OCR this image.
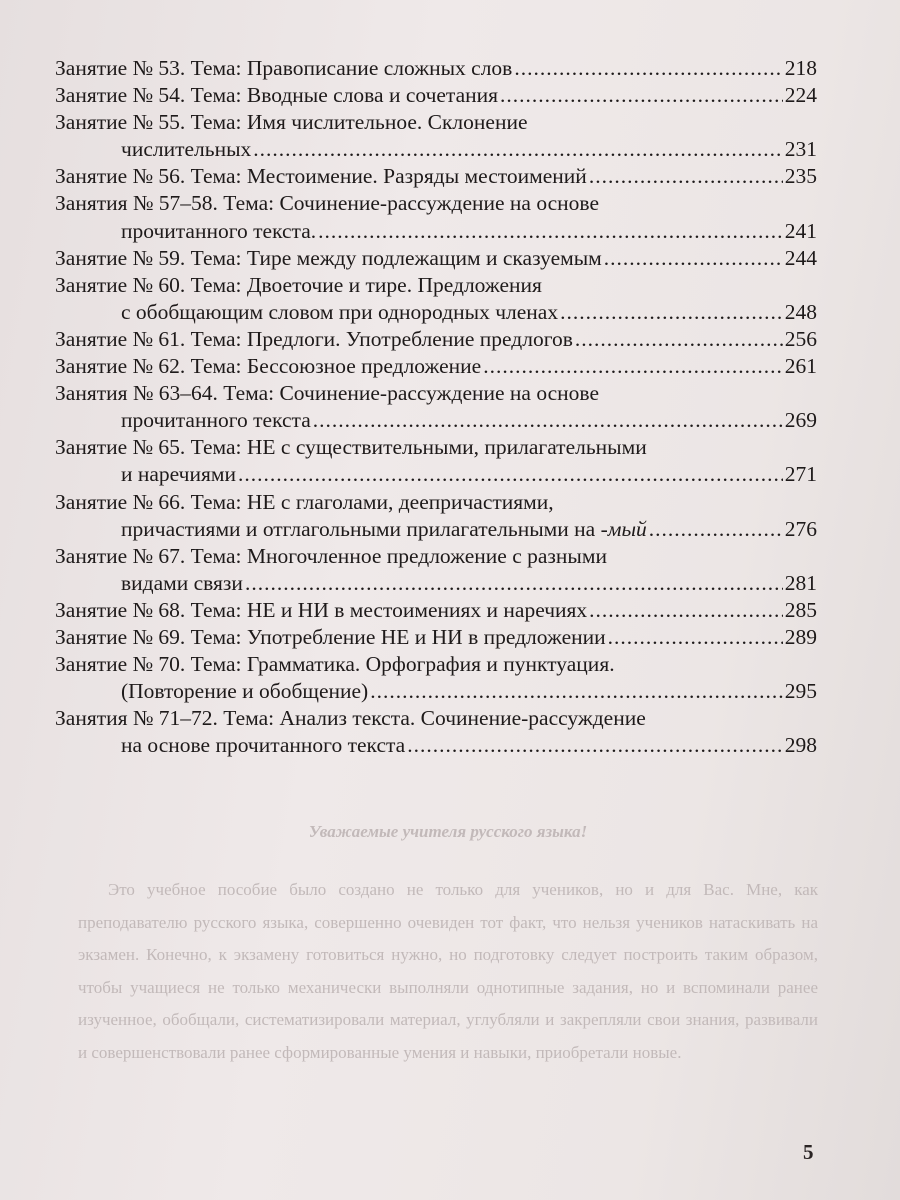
Занятие № 53. Тема: Правописание сложных слов .....	218
Занятие № 54. Тема: Вводные слова и сочетания .....	224
Занятие № 55. Тема: Имя числительное. Склонение
числительных .....	231
Занятие № 56. Тема: Местоимение. Разряды местоимений .....	235
Занятия № 57–58. Тема: Сочинение-рассуждение на основе
прочитанного текста. .....	241
Занятие № 59. Тема: Тире между подлежащим и сказуемым .....	244
Занятие № 60. Тема: Двоеточие и тире. Предложения
с обобщающим словом при однородных членах .....	248
Занятие № 61. Тема: Предлоги. Употребление предлогов .....	256
Занятие № 62. Тема: Бессоюзное предложение .....	261
Занятия № 63–64. Тема: Сочинение-рассуждение на основе
прочитанного текста .....	269
Занятие № 65. Тема: НЕ с существительными, прилагательными
и наречиями .....	271
Занятие № 66. Тема: НЕ с глаголами, деепричастиями,
причастиями и отглагольными прилагательными на -мый .....	276
Занятие № 67. Тема: Многочленное предложение с разными
видами связи .....	281
Занятие № 68. Тема: НЕ и НИ в местоимениях и наречиях .....	285
Занятие № 69. Тема: Употребление НЕ и НИ в предложении .....	289
Занятие № 70. Тема: Грамматика. Орфография и пунктуация.
(Повторение и обобщение) .....	295
Занятия № 71–72. Тема: Анализ текста. Сочинение-рассуждение
на основе прочитанного текста .....	298
Уважаемые учителя русского языка!
Это учебное пособие было создано не только для учеников, но и для Вас. Мне, как преподавателю русского языка, совершенно очевиден тот факт, что нельзя учеников натаскивать на экзамен. Конечно, к экзамену готовиться нужно, но подготовку следует построить таким образом, чтобы учащиеся не только механически выполняли однотипные задания, но и вспоминали ранее изученное, обобщали, систематизировали материал, углубляли и закрепляли свои знания, развивали и совершенствовали ранее сформированные умения и навыки, приобретали новые.
5
